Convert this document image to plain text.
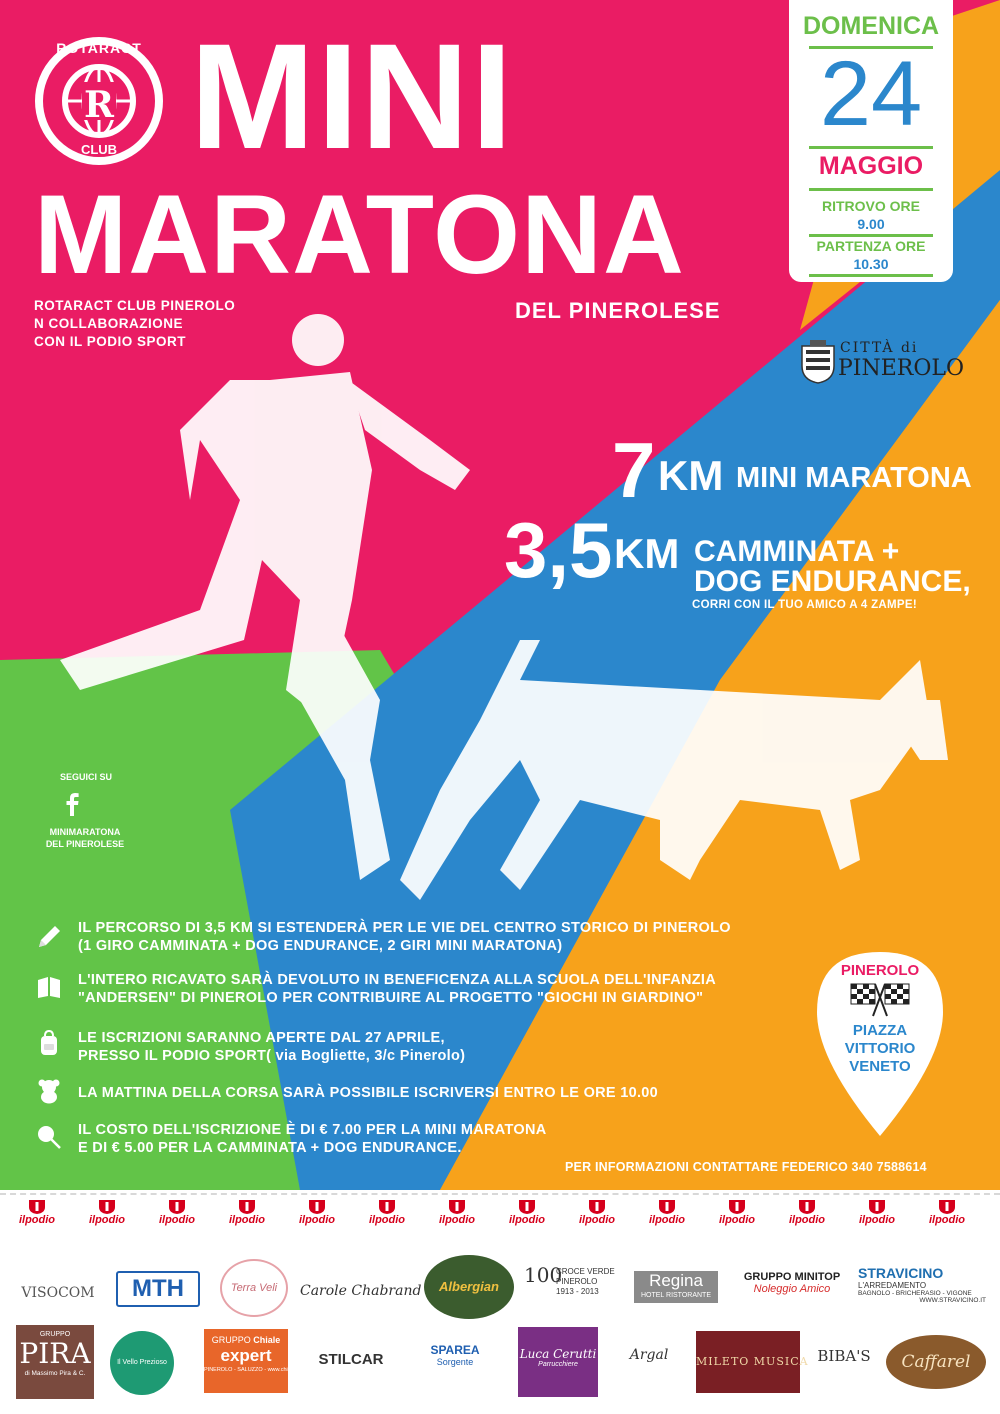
R
ROTARACT
CLUB MINI
MARATONA
DEL PINEROLESE
ROTARACT CLUB PINEROLO
N COLLABORAZIONE
CON IL PODIO SPORT
DOMENICA
24
MAGGIO
RITROVO ORE
9.00
PARTENZA ORE
10.30
CITTÀ di
PINEROLO
7 KM MINI MARATONA
3,5 KM CAMMINATA +
DOG ENDURANCE,
CORRI CON IL TUO AMICO A 4 ZAMPE!
SEGUICI SU
MINIMARATONA
DEL PINEROLESE
IL PERCORSO DI 3,5 KM SI ESTENDERÀ PER LE VIE DEL CENTRO STORICO DI PINEROLO
(1 GIRO CAMMINATA + DOG ENDURANCE, 2 GIRI MINI MARATONA)
L'INTERO RICAVATO SARÀ DEVOLUTO IN BENEFICENZA ALLA SCUOLA DELL'INFANZIA
"ANDERSEN" DI PINEROLO PER CONTRIBUIRE AL PROGETTO "GIOCHI IN GIARDINO"
LE ISCRIZIONI SARANNO APERTE DAL 27 APRILE,
PRESSO IL PODIO SPORT( via Bogliette, 3/c Pinerolo)
LA MATTINA DELLA CORSA SARÀ POSSIBILE ISCRIVERSI ENTRO LE ORE 10.00
IL COSTO DELL'ISCRIZIONE È DI € 7.00 PER LA MINI MARATONA
E DI € 5.00 PER LA CAMMINATA + DOG ENDURANCE.
PINEROLO
PIAZZA
VITTORIO
VENETO
PER INFORMAZIONI CONTATTARE FEDERICO 340 7588614
ilpodio	ilpodio	ilpodio	ilpodio	ilpodio	ilpodio	ilpodio	ilpodio	ilpodio	ilpodio	ilpodio	ilpodio	ilpodio	ilpodio
VISOCOM	MTH	Terra Veli	Carole Chabrand	Albergian	100
CROCE VERDE
PINEROLO
1913 - 2013
Regina
HOTEL RISTORANTE
GRUPPO MINITOP
Noleggio Amico
STRAVICINO
L'ARREDAMENTO
BAGNOLO - BRICHERASIO - VIGONE
WWW.STRAVICINO.IT
GRUPPO
PIRA
di Massimo Pira & C.
Il Vello Prezioso
GRUPPO Chiale
expert
PINEROLO - SALUZZO - www.chiale.it
STILCAR
SPAREA
Sorgente
Luca Cerutti
Parrucchiere
Argal	MILETO MUSICA BIBA'S	Caffarel
